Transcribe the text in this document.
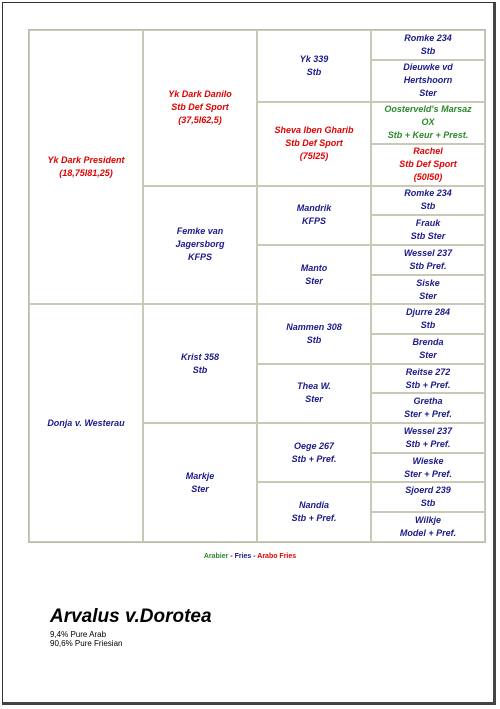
Yk Dark President
(18,75l81,25)	Yk Dark Danilo
Stb Def Sport
(37,5l62,5)	Yk 339
Stb	Romke 234
Stb

			Dieuwke vd
Hertshoorn
Ster

		Sheva Iben Gharib
Stb Def Sport
(75l25)	Oosterveld's Marsaz
OX
Stb + Keur + Prest.

			Rachel
Stb Def Sport
(50l50)

	Femke van
Jagersborg
KFPS	Mandrik
KFPS	Romke 234
Stb

			Frauk
Stb Ster

		Manto
Ster	Wessel 237
Stb Pref.

			Siske
Ster

Donja v. Westerau	Krist 358
Stb	Nammen 308
Stb	Djurre 284
Stb

			Brenda
Ster

		Thea W.
Ster	Reitse 272
Stb + Pref.

			Gretha
Ster + Pref.

	Markje
Ster	Oege 267
Stb + Pref.	Wessel 237
Stb + Pref.

			Wieske
Ster + Pref.

		Nandia
Stb + Pref.	Sjoerd 239
Stb

			Wilkje
Model + Pref.
Arabier - Fries - Arabo Fries
Arvalus v.Dorotea
9,4% Pure Arab
90,6% Pure Friesian
